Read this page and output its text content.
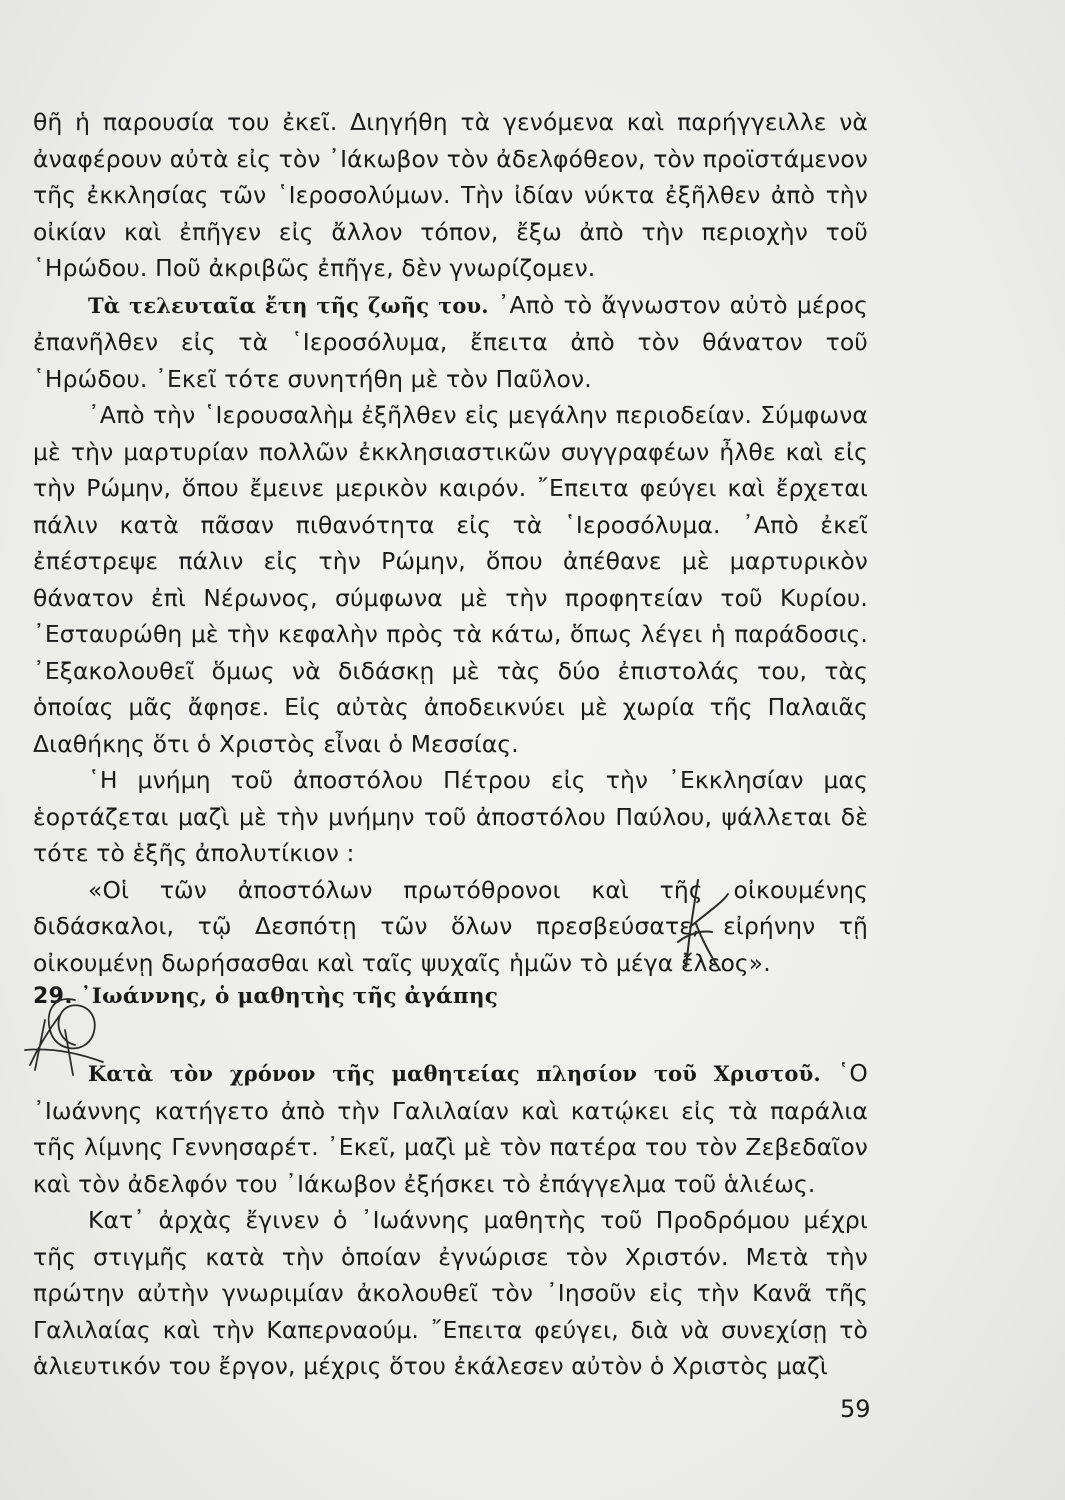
θῆ ἡ παρουσία του ἐκεῖ. Διηγήθη τὰ γενόμενα καὶ παρήγγειλλε νὰ ἀναφέρουν αὐτὰ εἰς τὸν ᾽Ιάκωβον τὸν ἀδελφόθεον, τὸν προϊστάμενον τῆς ἐκκλησίας τῶν ῾Ιεροσολύμων. Τὴν ἰδίαν νύκτα ἐξῆλθεν ἀπὸ τὴν οἰκίαν καὶ ἐπῆγεν εἰς ἄλλον τόπον, ἔξω ἀπὸ τὴν περιοχὴν τοῦ ῾Ηρώδου. Ποῦ ἀκριβῶς ἐπῆγε, δὲν γνωρίζομεν.

Τὰ τελευταῖα ἔτη τῆς ζωῆς του. ᾽Απὸ τὸ ἄγνωστον αὐτὸ μέρος ἐπανῆλθεν εἰς τὰ ῾Ιεροσόλυμα, ἔπειτα ἀπὸ τὸν θάνατον τοῦ ῾Ηρώδου. ᾽Εκεῖ τότε συνητήθη μὲ τὸν Παῦλον.

᾽Απὸ τὴν ῾Ιερουσαλὴμ ἐξῆλθεν εἰς μεγάλην περιοδείαν. Σύμφωνα μὲ τὴν μαρτυρίαν πολλῶν ἐκκλησιαστικῶν συγγραφέων ἦλθε καὶ εἰς τὴν Ρώμην, ὅπου ἔμεινε μερικὸν καιρόν. ῎Επειτα φεύγει καὶ ἔρχεται πάλιν κατὰ πᾶσαν πιθανότητα εἰς τὰ ῾Ιεροσόλυμα. ᾽Απὸ ἐκεῖ ἐπέστρεψε πάλιν εἰς τὴν Ρώμην, ὅπου ἀπέθανε μὲ μαρτυρικὸν θάνατον ἐπὶ Νέρωνος, σύμφωνα μὲ τὴν προφητείαν τοῦ Κυρίου. ᾽Εσταυρώθη μὲ τὴν κεφαλὴν πρὸς τὰ κάτω, ὅπως λέγει ἡ παράδοσις. ᾽Εξακολουθεῖ ὅμως νὰ διδάσκῃ μὲ τὰς δύο ἐπιστολάς του, τὰς ὁποίας μᾶς ἄφησε. Εἰς αὐτὰς ἀποδεικνύει μὲ χωρία τῆς Παλαιᾶς Διαθήκης ὅτι ὁ Χριστὸς εἶναι ὁ Μεσσίας.

῾Η μνήμη τοῦ ἀποστόλου Πέτρου εἰς τὴν ᾽Εκκλησίαν μας ἑορτάζεται μαζὶ μὲ τὴν μνήμην τοῦ ἀποστόλου Παύλου, ψάλλεται δὲ τότε τὸ ἑξῆς ἀπολυτίκιον :

«Οἱ τῶν ἀποστόλων πρωτόθρονοι καὶ τῆς οἰκουμένης διδάσκαλοι, τῷ Δεσπότῃ τῶν ὅλων πρεσβεύσατε, εἰρήνην τῇ οἰκουμένῃ δωρήσασθαι καὶ ταῖς ψυχαῖς ἡμῶν τὸ μέγα ἔλεος».

29. ᾽Ιωάννης, ὁ μαθητὴς τῆς ἀγάπης

Κατὰ τὸν χρόνον τῆς μαθητείας πλησίον τοῦ Χριστοῦ. ῾Ο ᾽Ιωάννης κατήγετο ἀπὸ τὴν Γαλιλαίαν καὶ κατῴκει εἰς τὰ παράλια τῆς λίμνης Γεννησαρέτ. ᾽Εκεῖ, μαζὶ μὲ τὸν πατέρα του τὸν Ζεβεδαῖον καὶ τὸν ἀδελφόν του ᾽Ιάκωβον ἐξήσκει τὸ ἐπάγγελμα τοῦ ἁλιέως.

Κατ᾽ ἀρχὰς ἔγινεν ὁ ᾽Ιωάννης μαθητὴς τοῦ Προδρόμου μέχρι τῆς στιγμῆς κατὰ τὴν ὁποίαν ἐγνώρισε τὸν Χριστόν. Μετὰ τὴν πρώτην αὐτὴν γνωριμίαν ἀκολουθεῖ τὸν ᾽Ιησοῦν εἰς τὴν Κανᾶ τῆς Γαλιλαίας καὶ τὴν Καπερναούμ. ῎Επειτα φεύγει, διὰ νὰ συνεχίσῃ τὸ ἁλιευτικόν του ἔργον, μέχρις ὅτου ἐκάλεσεν αὐτὸν ὁ Χριστὸς μαζὶ

59
